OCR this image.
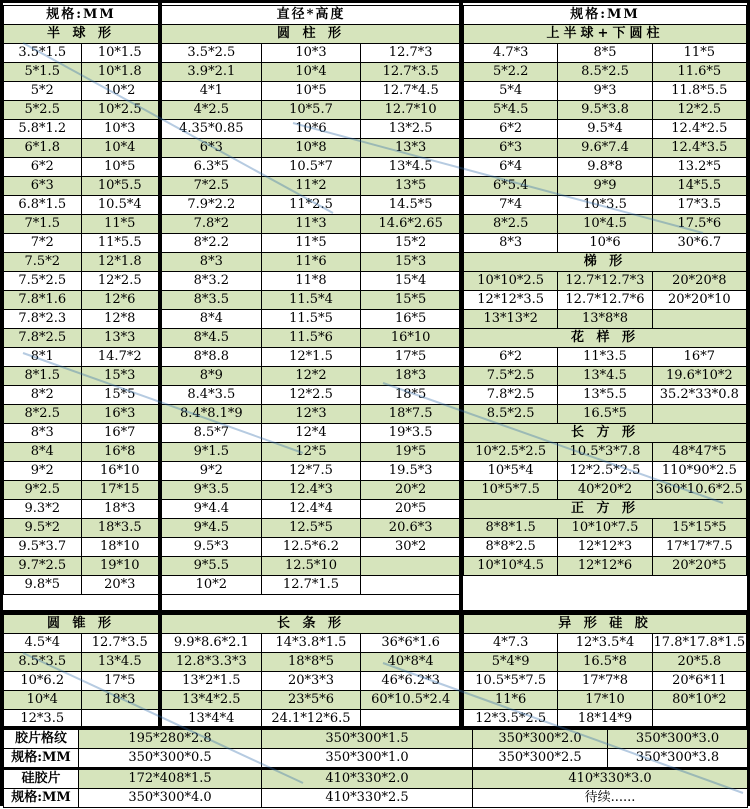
规格:MM	
半 球 形	
3.5*1.5	10*1.5
5*1.5	10*1.8
5*2	10*2
5*2.5	10*2.5
5.8*1.2	10*3
6*1.8	10*4
6*2	10*5
6*3	10*5.5
6.8*1.5	10.5*4
7*1.5	11*5
7*2	11*5.5
7.5*2	12*1.8
7.5*2.5	12*2.5
7.8*1.6	12*6
7.8*2.3	12*8
7.8*2.5	13*3
8*1	14.7*2
8*1.5	15*3
8*2	15*5
8*2.5	16*3
8*3	16*7
8*4	16*8
9*2	16*10
9*2.5	17*15
9.3*2	18*3
9.5*2	18*3.5
9.5*3.7	18*10
9.7*2.5	19*10
9.8*5	20*3
直径*高度		
圆 柱 形		
3.5*2.5	10*3	12.7*3
3.9*2.1	10*4	12.7*3.5
4*1	10*5	12.7*4.5
4*2.5	10*5.7	12.7*10
4.35*0.85	10*6	13*2.5
6*3	10*8	13*3
6.3*5	10.5*7	13*4.5
7*2.5	11*2	13*5
7.9*2.2	11*2.5	14.5*5
7.8*2	11*3	14.6*2.65
8*2.2	11*5	15*2
8*3	11*6	15*3
8*3.2	11*8	15*4
8*3.5	11.5*4	15*5
8*4	11.5*5	16*5
8*4.5	11.5*6	16*10
8*8.8	12*1.5	17*5
8*9	12*2	18*3
8.4*3.5	12*2.5	18*5
8.4*8.1*9	12*3	18*7.5
8.5*7	12*4	19*3.5
9*1.5	12*5	19*5
9*2	12*7.5	19.5*3
9*3.5	12.4*3	20*2
9*4.4	12.4*4	20*5
9*4.5	12.5*5	20.6*3
9.5*3	12.5*6.2	30*2
9*5.5	12.5*10	
10*2	12.7*1.5	
规格:MM		
上半球+下圆柱		
4.7*3	8*5	11*5
5*2.2	8.5*2.5	11.6*5
5*4	9*3	11.8*5.5
5*4.5	9.5*3.8	12*2.5
6*2	9.5*4	12.4*2.5
6*3	9.6*7.4	12.4*3.5
6*4	9.8*8	13.2*5
6*5.4	9*9	14*5.5
7*4	10*3.5	17*3.5
8*2.5	10*4.5	17.5*6
8*3	10*6	30*6.7
梯 形		
10*10*2.5	12.7*12.7*3	20*20*8
12*12*3.5	12.7*12.7*6	20*20*10
13*13*2	13*8*8	
花 样 形		
6*2	11*3.5	16*7
7.5*2.5	13*4.5	19.6*10*2
7.8*2.5	13*5.5	35.2*33*0.8
8.5*2.5	16.5*5	
长 方 形		
10*2.5*2.5	10.5*3*7.8	48*47*5
10*5*4	12*2.5*2.5	110*90*2.5
10*5*7.5	40*20*2	360*10.6*2.5
正 方 形		
8*8*1.5	10*10*7.5	15*15*5
8*8*2.5	12*12*3	17*17*7.5
10*10*4.5	12*12*6	20*20*5
圆 锥 形	
4.5*4	12.7*3.5
8.5*3.5	13*4.5
10*6.2	17*5
10*4	18*3
12*3.5	
长 条 形		
9.9*8.6*2.1	14*3.8*1.5	36*6*1.6
12.8*3.3*3	18*8*5	40*8*4
13*2*1.5	20*3*3	46*6.2*3
13*4*2.5	23*5*6	60*10.5*2.4
13*4*4	24.1*12*6.5	
异 形 硅 胶		
4*7.3	12*3.5*4	17.8*17.8*1.5
5*4*9	16.5*8	20*5.8
10.5*5*7.5	17*7*8	20*6*11
11*6	17*10	80*10*2
12*3.5*2.5	18*14*9	
胶片格纹	195*280*2.8	350*300*1.5	350*300*2.0	350*300*3.0
规格:MM	350*300*0.5	350*300*1.0	350*300*2.5	350*300*3.8
硅胶片	172*408*1.5	410*330*2.0	410*330*3.0
规格:MM	350*300*4.0	410*330*2.5	待续......
